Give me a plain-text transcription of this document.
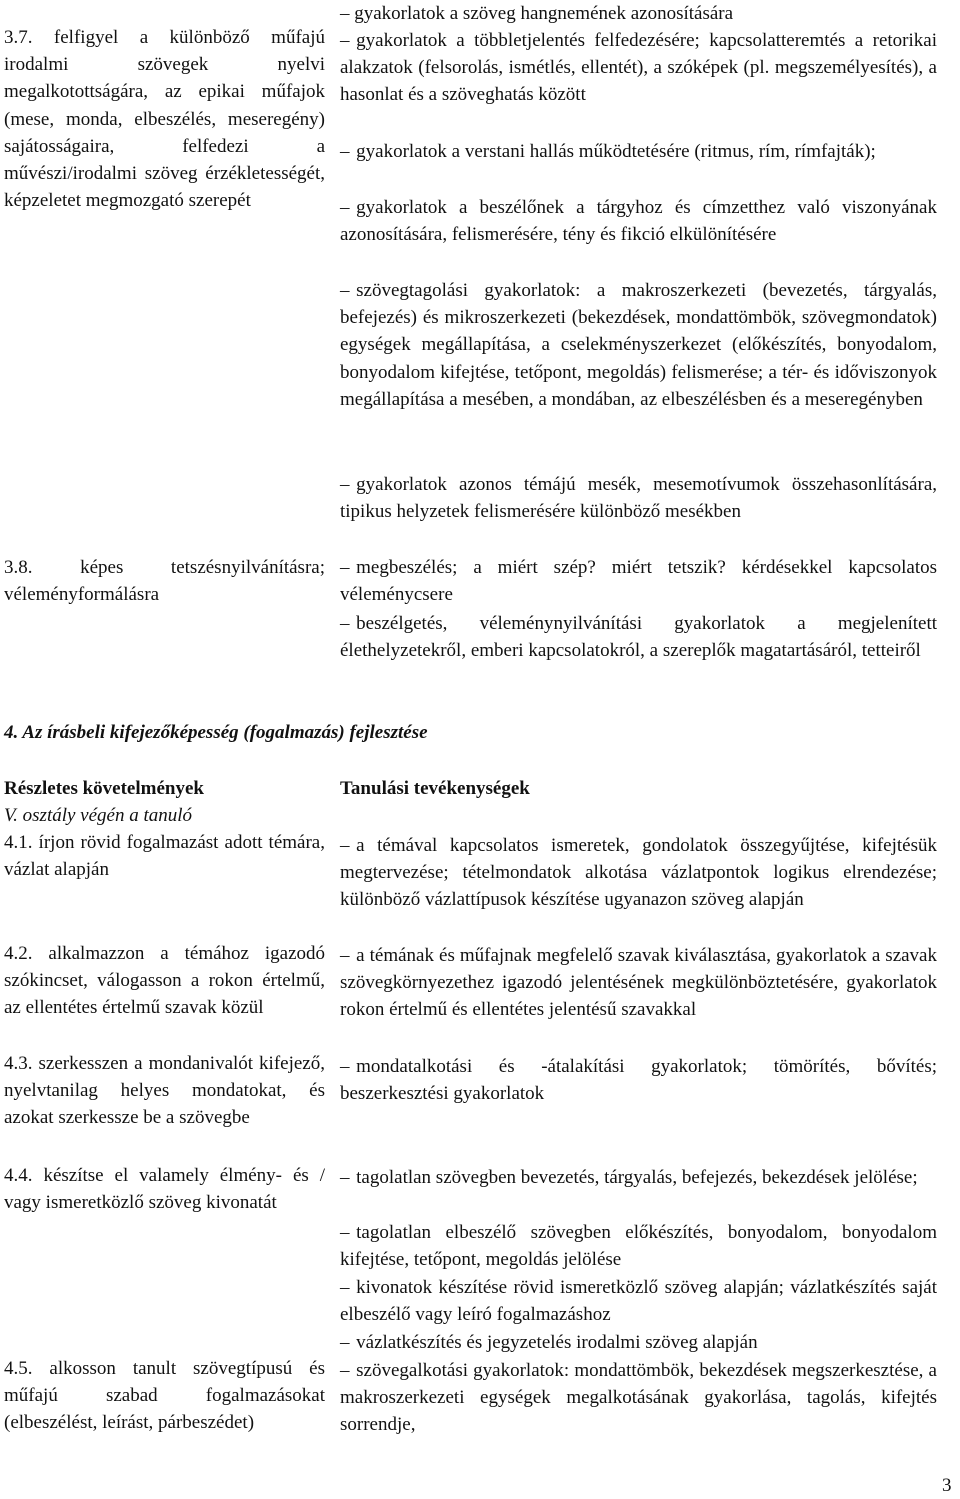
3.7. felfigyel a különböző műfajú irodalmi szövegek nyelvi megalkotottságára, az epikai műfajok (mese, monda, elbeszélés, meseregény) sajátosságaira, felfedezi a művészi/irodalmi szöveg érzékletességét, képzeletet megmozgató szerepét

3.8. képes tetszésnyilvánításra; véleményformálásra

– gyakorlatok a szöveg hangnemének azonosítására

– gyakorlatok a többletjelentés felfedezésére; kapcsolatteremtés a retorikai alakzatok (felsorolás, ismétlés, ellentét), a szóképek (pl. megszemélyesítés), a hasonlat és a szöveghatás között

– gyakorlatok a verstani hallás működtetésére (ritmus, rím, rímfajták);

– gyakorlatok a beszélőnek a tárgyhoz és címzetthez való viszonyának azonosítására, felismerésére, tény és fikció elkülönítésére

– szövegtagolási gyakorlatok: a makroszerkezeti (bevezetés, tárgyalás, befejezés) és mikroszerkezeti (bekezdések, mondattömbök, szövegmondatok) egységek megállapítása, a cselekményszerkezet (előkészítés, bonyodalom, bonyodalom kifejtése, tetőpont, megoldás) felismerése; a tér- és időviszonyok megállapítása a mesében, a mondában, az elbeszélésben és a meseregényben

– gyakorlatok azonos témájú mesék, mesemotívumok összehasonlítására, tipikus helyzetek felismerésére különböző mesékben

– megbeszélés; a miért szép? miért tetszik? kérdésekkel kapcsolatos véleménycsere

– beszélgetés, véleménynyilvánítási gyakorlatok a megjelenített élethelyzetekről, emberi kapcsolatokról, a szereplők magatartásáról, tetteiről

4. Az írásbeli kifejezőképesség (fogalmazás) fejlesztése

Részletes követelmények

V. osztály végén a tanuló

Tanulási tevékenységek

4.1. írjon rövid fogalmazást adott témára, vázlat alapján

4.2. alkalmazzon a témához igazodó szókincset, válogasson a rokon értelmű, az ellentétes értelmű szavak közül

4.3. szerkesszen a mondanivalót kifejező, nyelvtanilag helyes mondatokat, és azokat szerkessze be a szövegbe

4.4. készítse el valamely élmény- és / vagy ismeretközlő szöveg kivonatát

4.5. alkosson tanult szövegtípusú és műfajú szabad fogalmazásokat (elbeszélést, leírást, párbeszédet)

– a témával kapcsolatos ismeretek, gondolatok összegyűjtése, kifejtésük megtervezése; tételmondatok alkotása vázlatpontok logikus elrendezése; különböző vázlattípusok készítése ugyanazon szöveg alapján

– a témának és műfajnak megfelelő szavak kiválasztása, gyakorlatok a szavak szövegkörnyezethez igazodó jelentésének megkülönböztetésére, gyakorlatok rokon értelmű és ellentétes jelentésű szavakkal

– mondatalkotási és -átalakítási gyakorlatok; tömörítés, bővítés; beszerkesztési gyakorlatok

– tagolatlan szövegben bevezetés, tárgyalás, befejezés, bekezdések jelölése;

– tagolatlan elbeszélő szövegben előkészítés, bonyodalom, bonyodalom kifejtése, tetőpont, megoldás jelölése

– kivonatok készítése rövid ismeretközlő szöveg alapján; vázlatkészítés saját elbeszélő vagy leíró fogalmazáshoz

– vázlatkészítés és jegyzetelés irodalmi szöveg alapján

– szövegalkotási gyakorlatok: mondattömbök, bekezdések megszerkesztése, a makroszerkezeti egységek megalkotásának gyakorlása, tagolás, kifejtés sorrendje,

3
